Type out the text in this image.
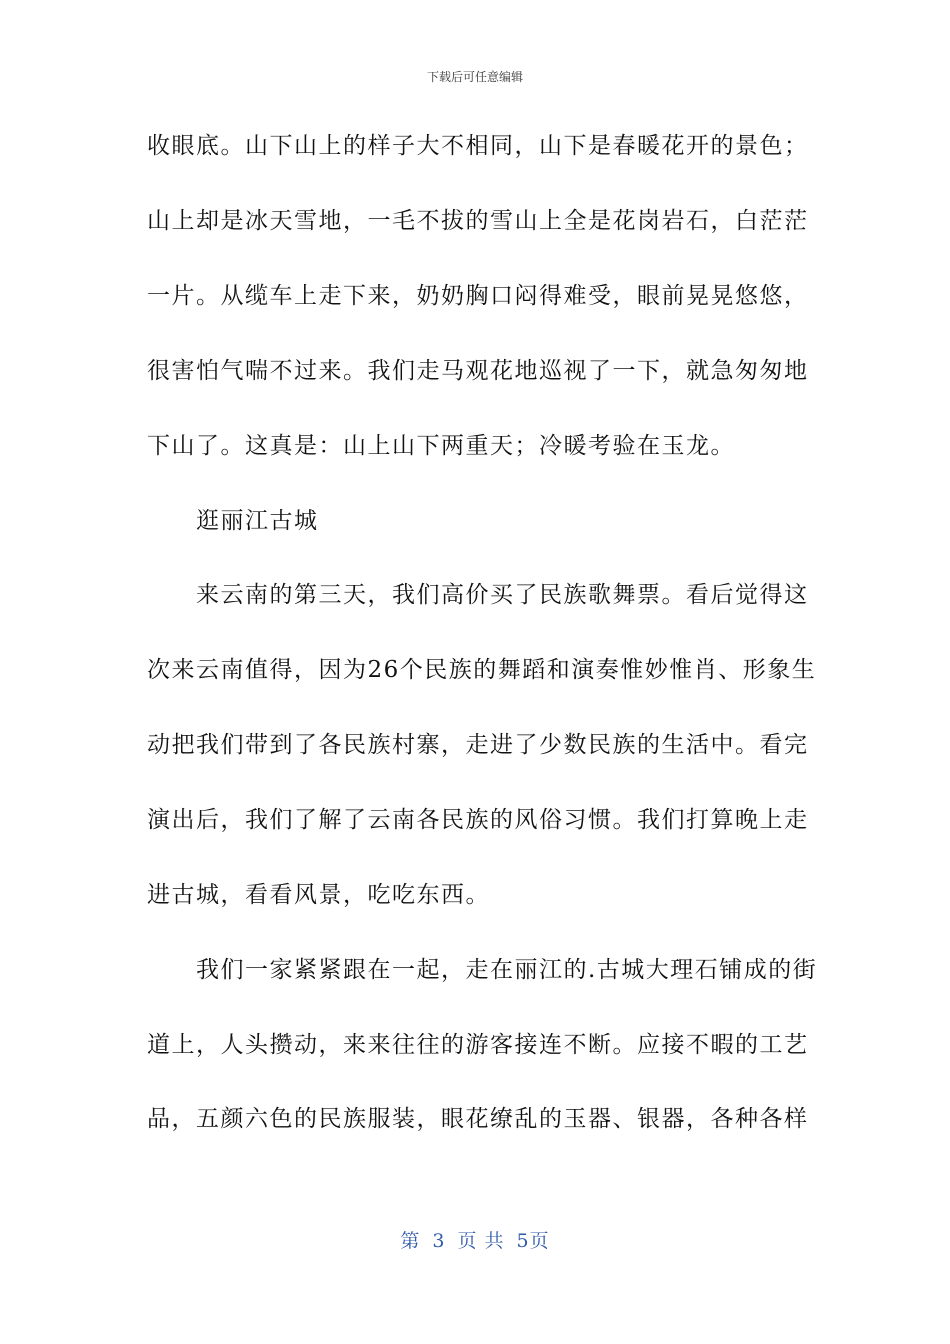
下载后可任意编辑
收眼底。山下山上的样子大不相同，山下是春暖花开的景色；
山上却是冰天雪地，一毛不拔的雪山上全是花岗岩石，白茫茫
一片。从缆车上走下来，奶奶胸口闷得难受，眼前晃晃悠悠，
很害怕气喘不过来。我们走马观花地巡视了一下，就急匆匆地
下山了。这真是：山上山下两重天；冷暖考验在玉龙。
　　逛丽江古城
　　来云南的第三天，我们高价买了民族歌舞票。看后觉得这
次来云南值得，因为26个民族的舞蹈和演奏惟妙惟肖、形象生
动把我们带到了各民族村寨，走进了少数民族的生活中。看完
演出后，我们了解了云南各民族的风俗习惯。我们打算晚上走
进古城，看看风景，吃吃东西。
　　我们一家紧紧跟在一起，走在丽江的.古城大理石铺成的街
道上，人头攒动，来来往往的游客接连不断。应接不暇的工艺
品，五颜六色的民族服装，眼花缭乱的玉器、银器，各种各样
第 3 页 共 5页
